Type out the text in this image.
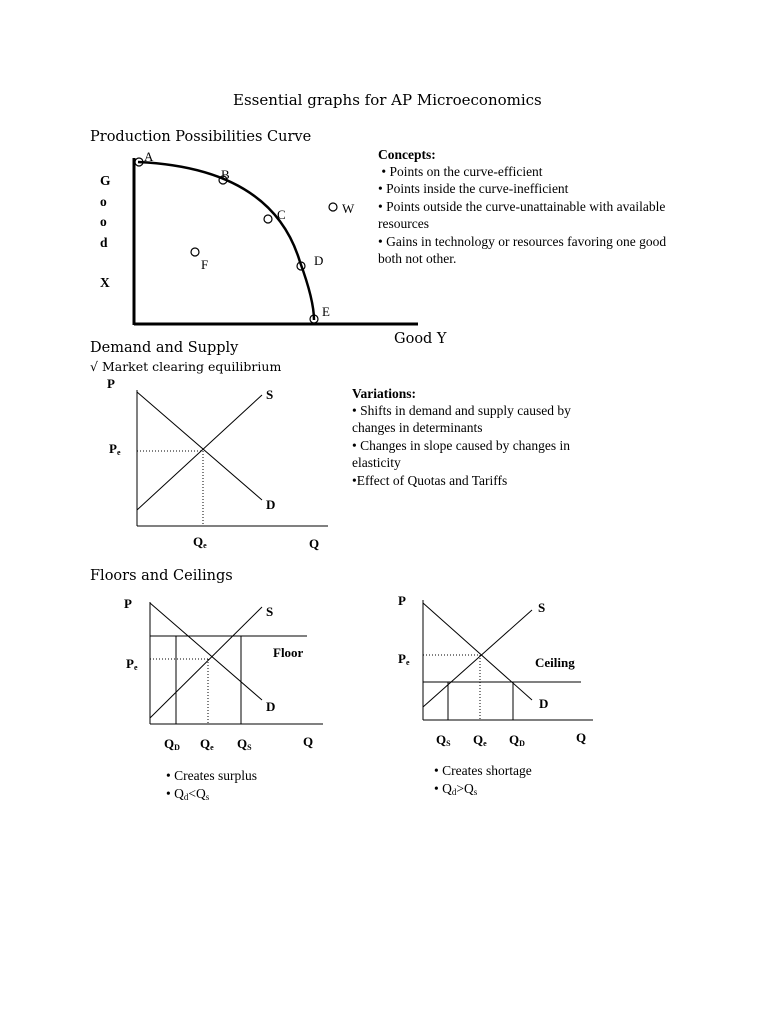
Essential graphs for AP Microeconomics
Production Possibilities Curve
G
o
o
d
X
Good Y
A
B
C
D
E
F
W
Concepts:
• Points on the curve-efficient
• Points inside the curve-inefficient
• Points outside the curve-unattainable with available resources
• Gains in technology or resources favoring one good both not other.
Demand and Supply
√ Market clearing equilibrium
P
S
$P_e$
D
$Q_e$	Q
Variations:
• Shifts in demand and supply caused by changes in determinants
• Changes in slope caused by changes in elasticity
•Effect of Quotas and Tariffs
Floors and Ceilings
P
S
Floor
$P_e$
D
$Q_D$ $Q_e$ $Q_S$	Q
• Creates surplus
• $Q_d<Q_s$
P	S
$P_e$	Ceiling
D
$Q_S$ $Q_e$ $Q_D$	Q
• Creates shortage
• $Q_d>Q_s$
